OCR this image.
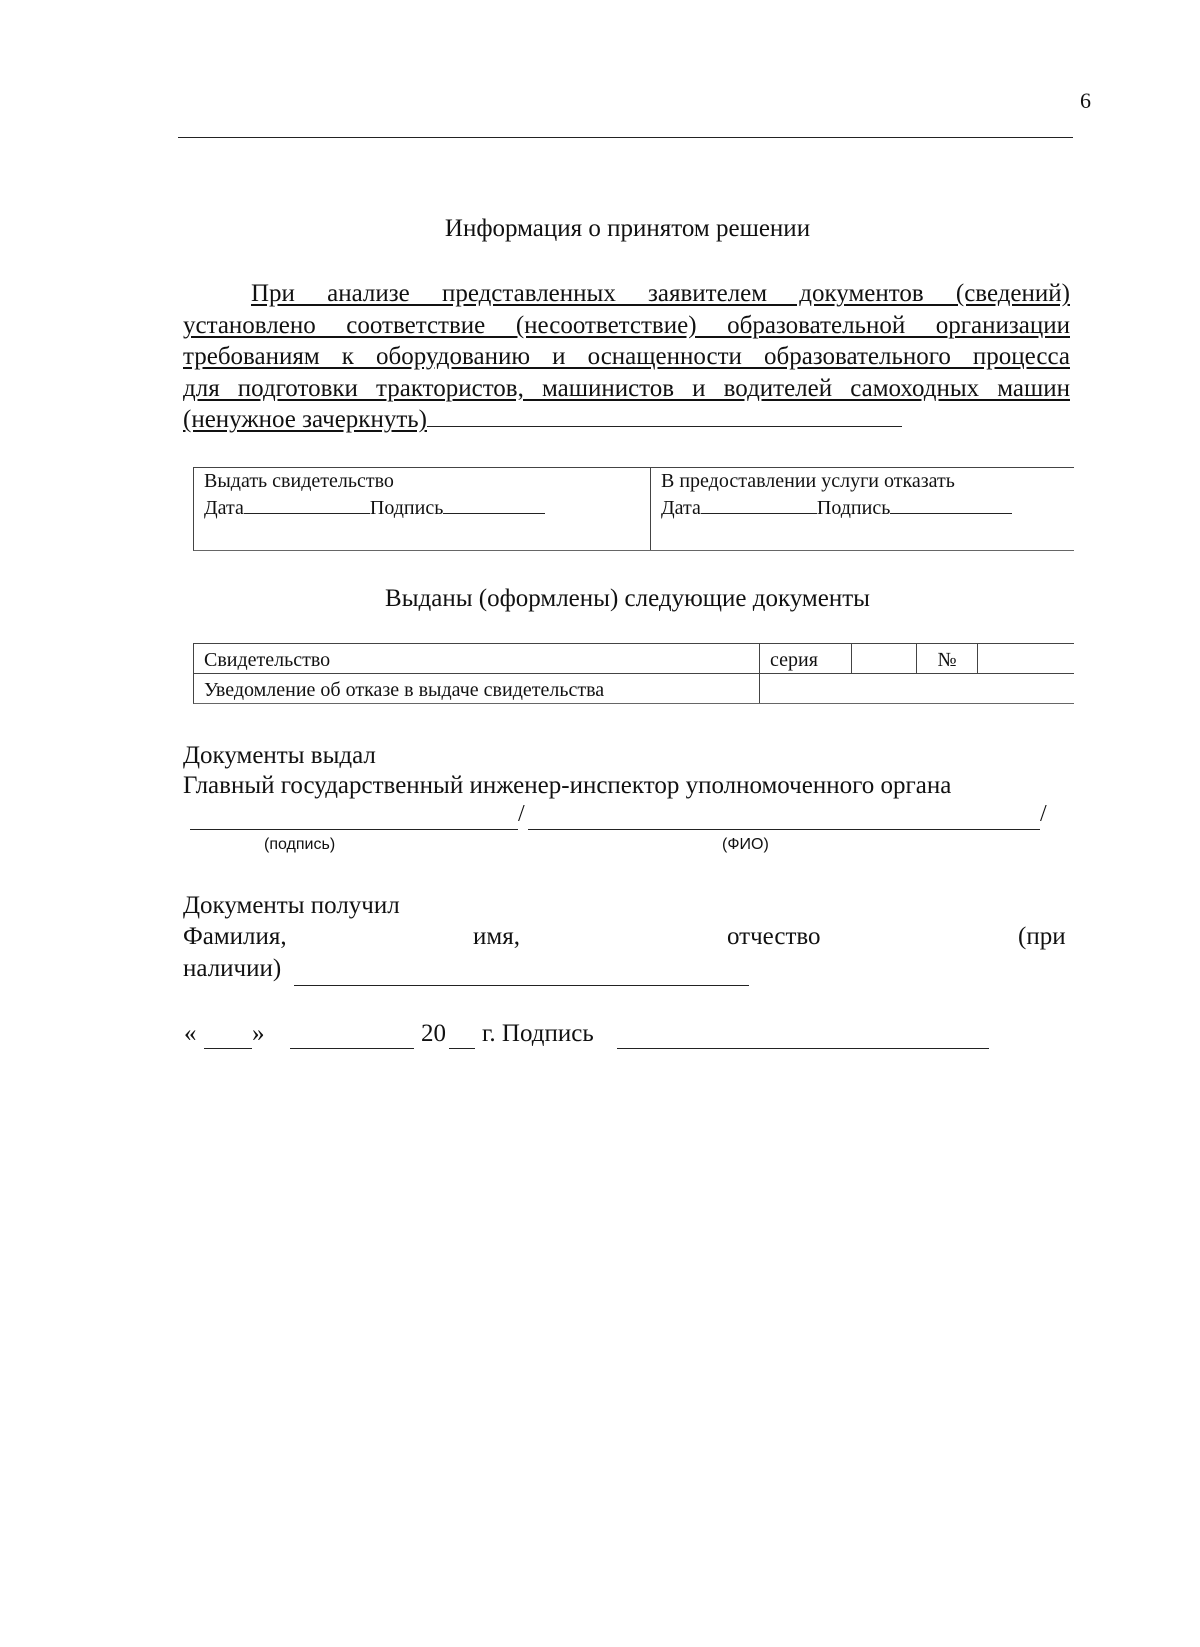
6
Информация о принятом решении
При анализе представленных заявителем документов (сведений)
установлено соответствие (несоответствие) образовательной организации
требованиям к оборудованию и оснащенности образовательного процесса
для подготовки трактористов, машинистов и водителей самоходных машин
(ненужное зачеркнуть)
Выдать свидетельство
Дата	Подпись
В предоставлении услуги отказать
Дата	Подпись
Выданы (оформлены) следующие документы
Свидетельство	серия	№
Уведомление об отказе в выдаче свидетельства
Документы выдал
Главный государственный инженер-инспектор уполномоченного органа
/	/
(подпись)	(ФИО)
Документы получил
Фамилия,	имя,	отчество	(при
наличии)
« »	20 г. Подпись
